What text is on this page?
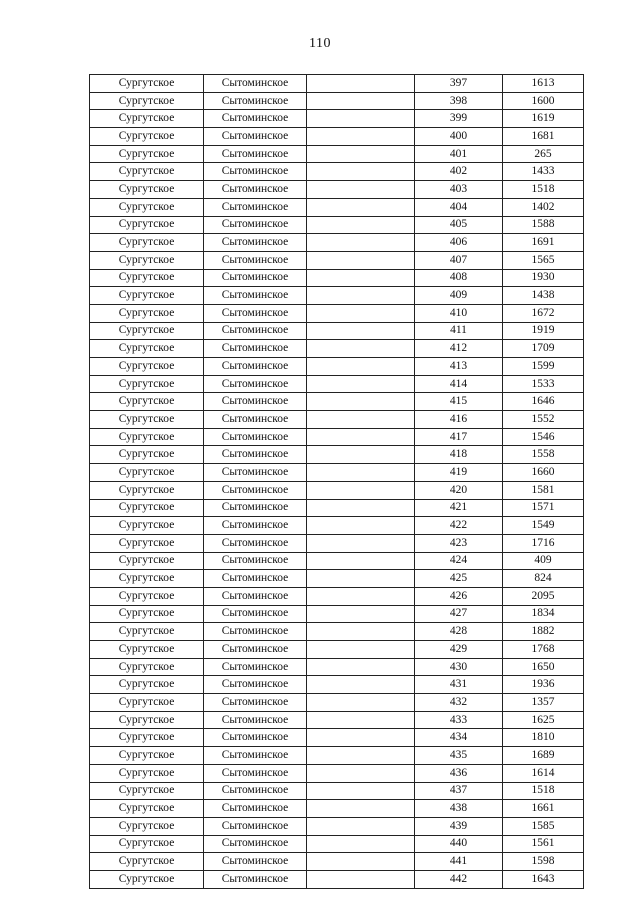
110
Сургутское	Сытоминское		397	1613
Сургутское	Сытоминское		398	1600
Сургутское	Сытоминское		399	1619
Сургутское	Сытоминское		400	1681
Сургутское	Сытоминское		401	265
Сургутское	Сытоминское		402	1433
Сургутское	Сытоминское		403	1518
Сургутское	Сытоминское		404	1402
Сургутское	Сытоминское		405	1588
Сургутское	Сытоминское		406	1691
Сургутское	Сытоминское		407	1565
Сургутское	Сытоминское		408	1930
Сургутское	Сытоминское		409	1438
Сургутское	Сытоминское		410	1672
Сургутское	Сытоминское		411	1919
Сургутское	Сытоминское		412	1709
Сургутское	Сытоминское		413	1599
Сургутское	Сытоминское		414	1533
Сургутское	Сытоминское		415	1646
Сургутское	Сытоминское		416	1552
Сургутское	Сытоминское		417	1546
Сургутское	Сытоминское		418	1558
Сургутское	Сытоминское		419	1660
Сургутское	Сытоминское		420	1581
Сургутское	Сытоминское		421	1571
Сургутское	Сытоминское		422	1549
Сургутское	Сытоминское		423	1716
Сургутское	Сытоминское		424	409
Сургутское	Сытоминское		425	824
Сургутское	Сытоминское		426	2095
Сургутское	Сытоминское		427	1834
Сургутское	Сытоминское		428	1882
Сургутское	Сытоминское		429	1768
Сургутское	Сытоминское		430	1650
Сургутское	Сытоминское		431	1936
Сургутское	Сытоминское		432	1357
Сургутское	Сытоминское		433	1625
Сургутское	Сытоминское		434	1810
Сургутское	Сытоминское		435	1689
Сургутское	Сытоминское		436	1614
Сургутское	Сытоминское		437	1518
Сургутское	Сытоминское		438	1661
Сургутское	Сытоминское		439	1585
Сургутское	Сытоминское		440	1561
Сургутское	Сытоминское		441	1598
Сургутское	Сытоминское		442	1643
